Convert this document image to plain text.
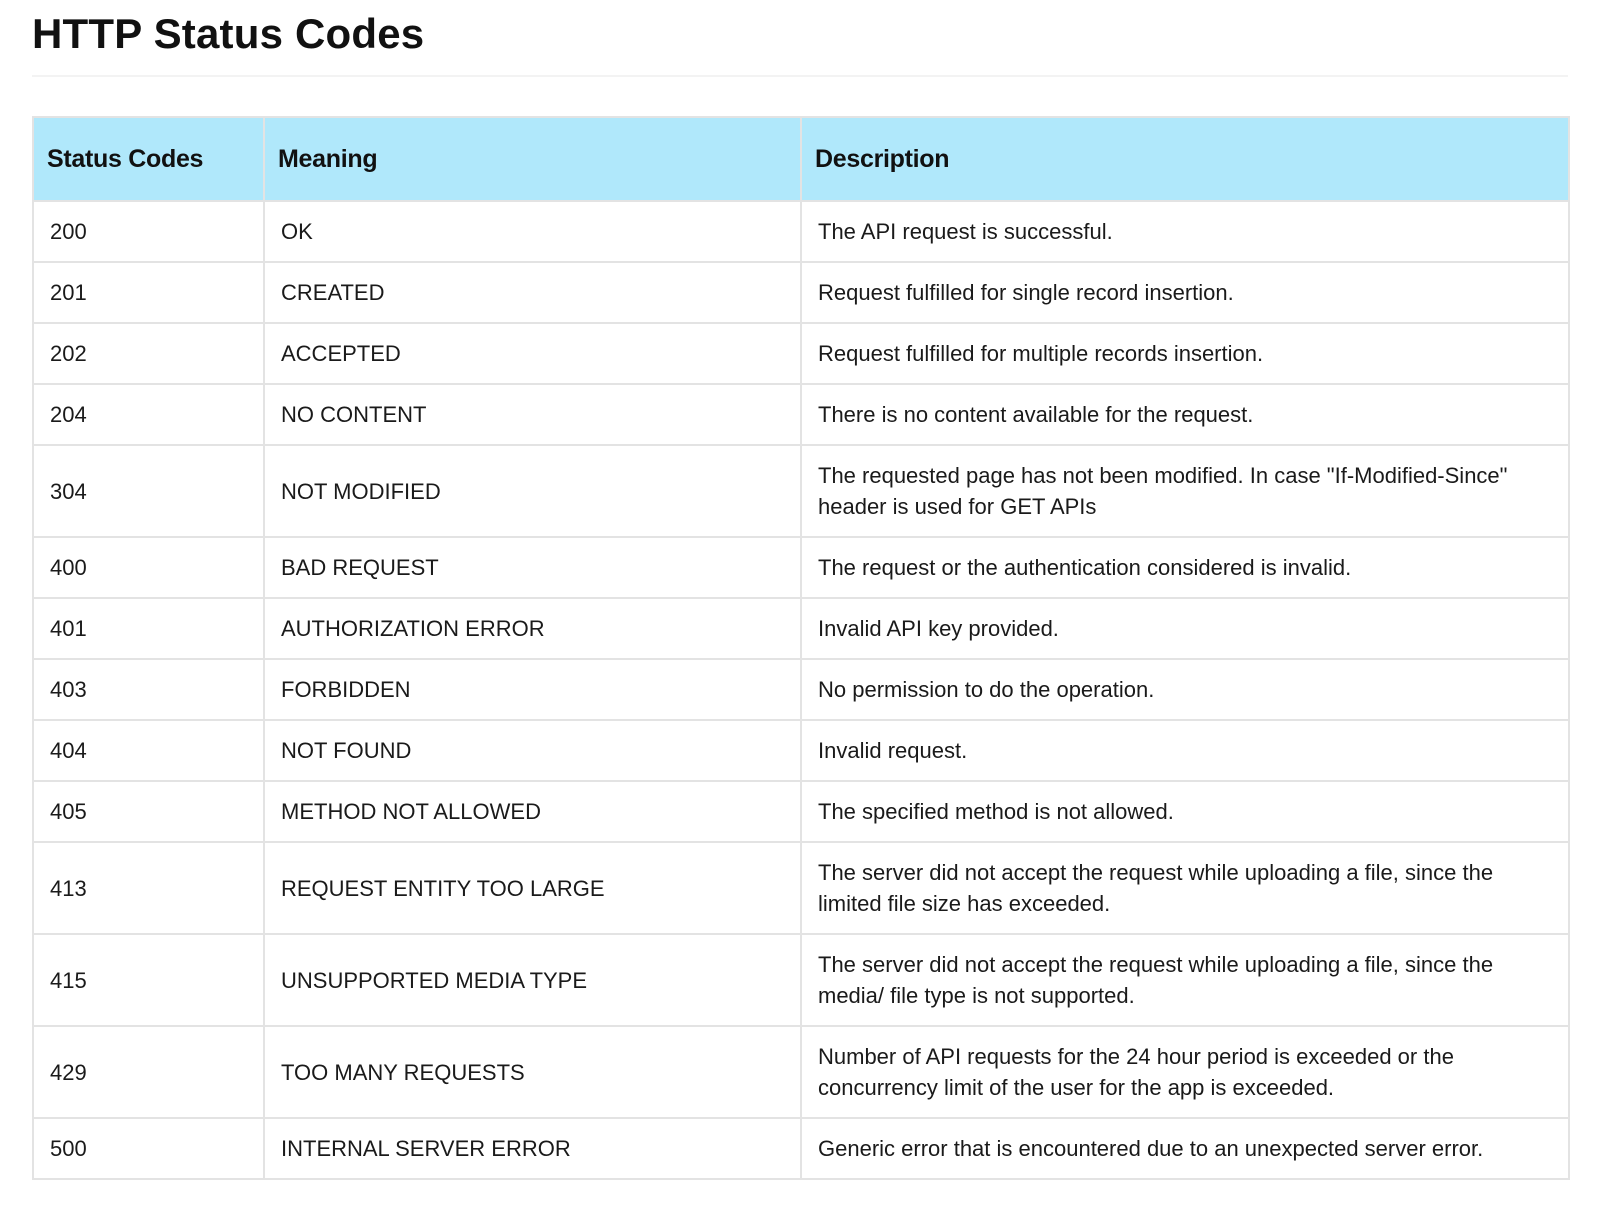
HTTP Status Codes
Status Codes	Meaning	Description
200	OK	The API request is successful.
201	CREATED	Request fulfilled for single record insertion.
202	ACCEPTED	Request fulfilled for multiple records insertion.
204	NO CONTENT	There is no content available for the request.
304	NOT MODIFIED	The requested page has not been modified. In case "If-Modified-Since" header is used for GET APIs
400	BAD REQUEST	The request or the authentication considered is invalid.
401	AUTHORIZATION ERROR	Invalid API key provided.
403	FORBIDDEN	No permission to do the operation.
404	NOT FOUND	Invalid request.
405	METHOD NOT ALLOWED	The specified method is not allowed.
413	REQUEST ENTITY TOO LARGE	The server did not accept the request while uploading a file, since the limited file size has exceeded.
415	UNSUPPORTED MEDIA TYPE	The server did not accept the request while uploading a file, since the media/ file type is not supported.
429	TOO MANY REQUESTS	Number of API requests for the 24 hour period is exceeded or the concurrency limit of the user for the app is exceeded.
500	INTERNAL SERVER ERROR	Generic error that is encountered due to an unexpected server error.
